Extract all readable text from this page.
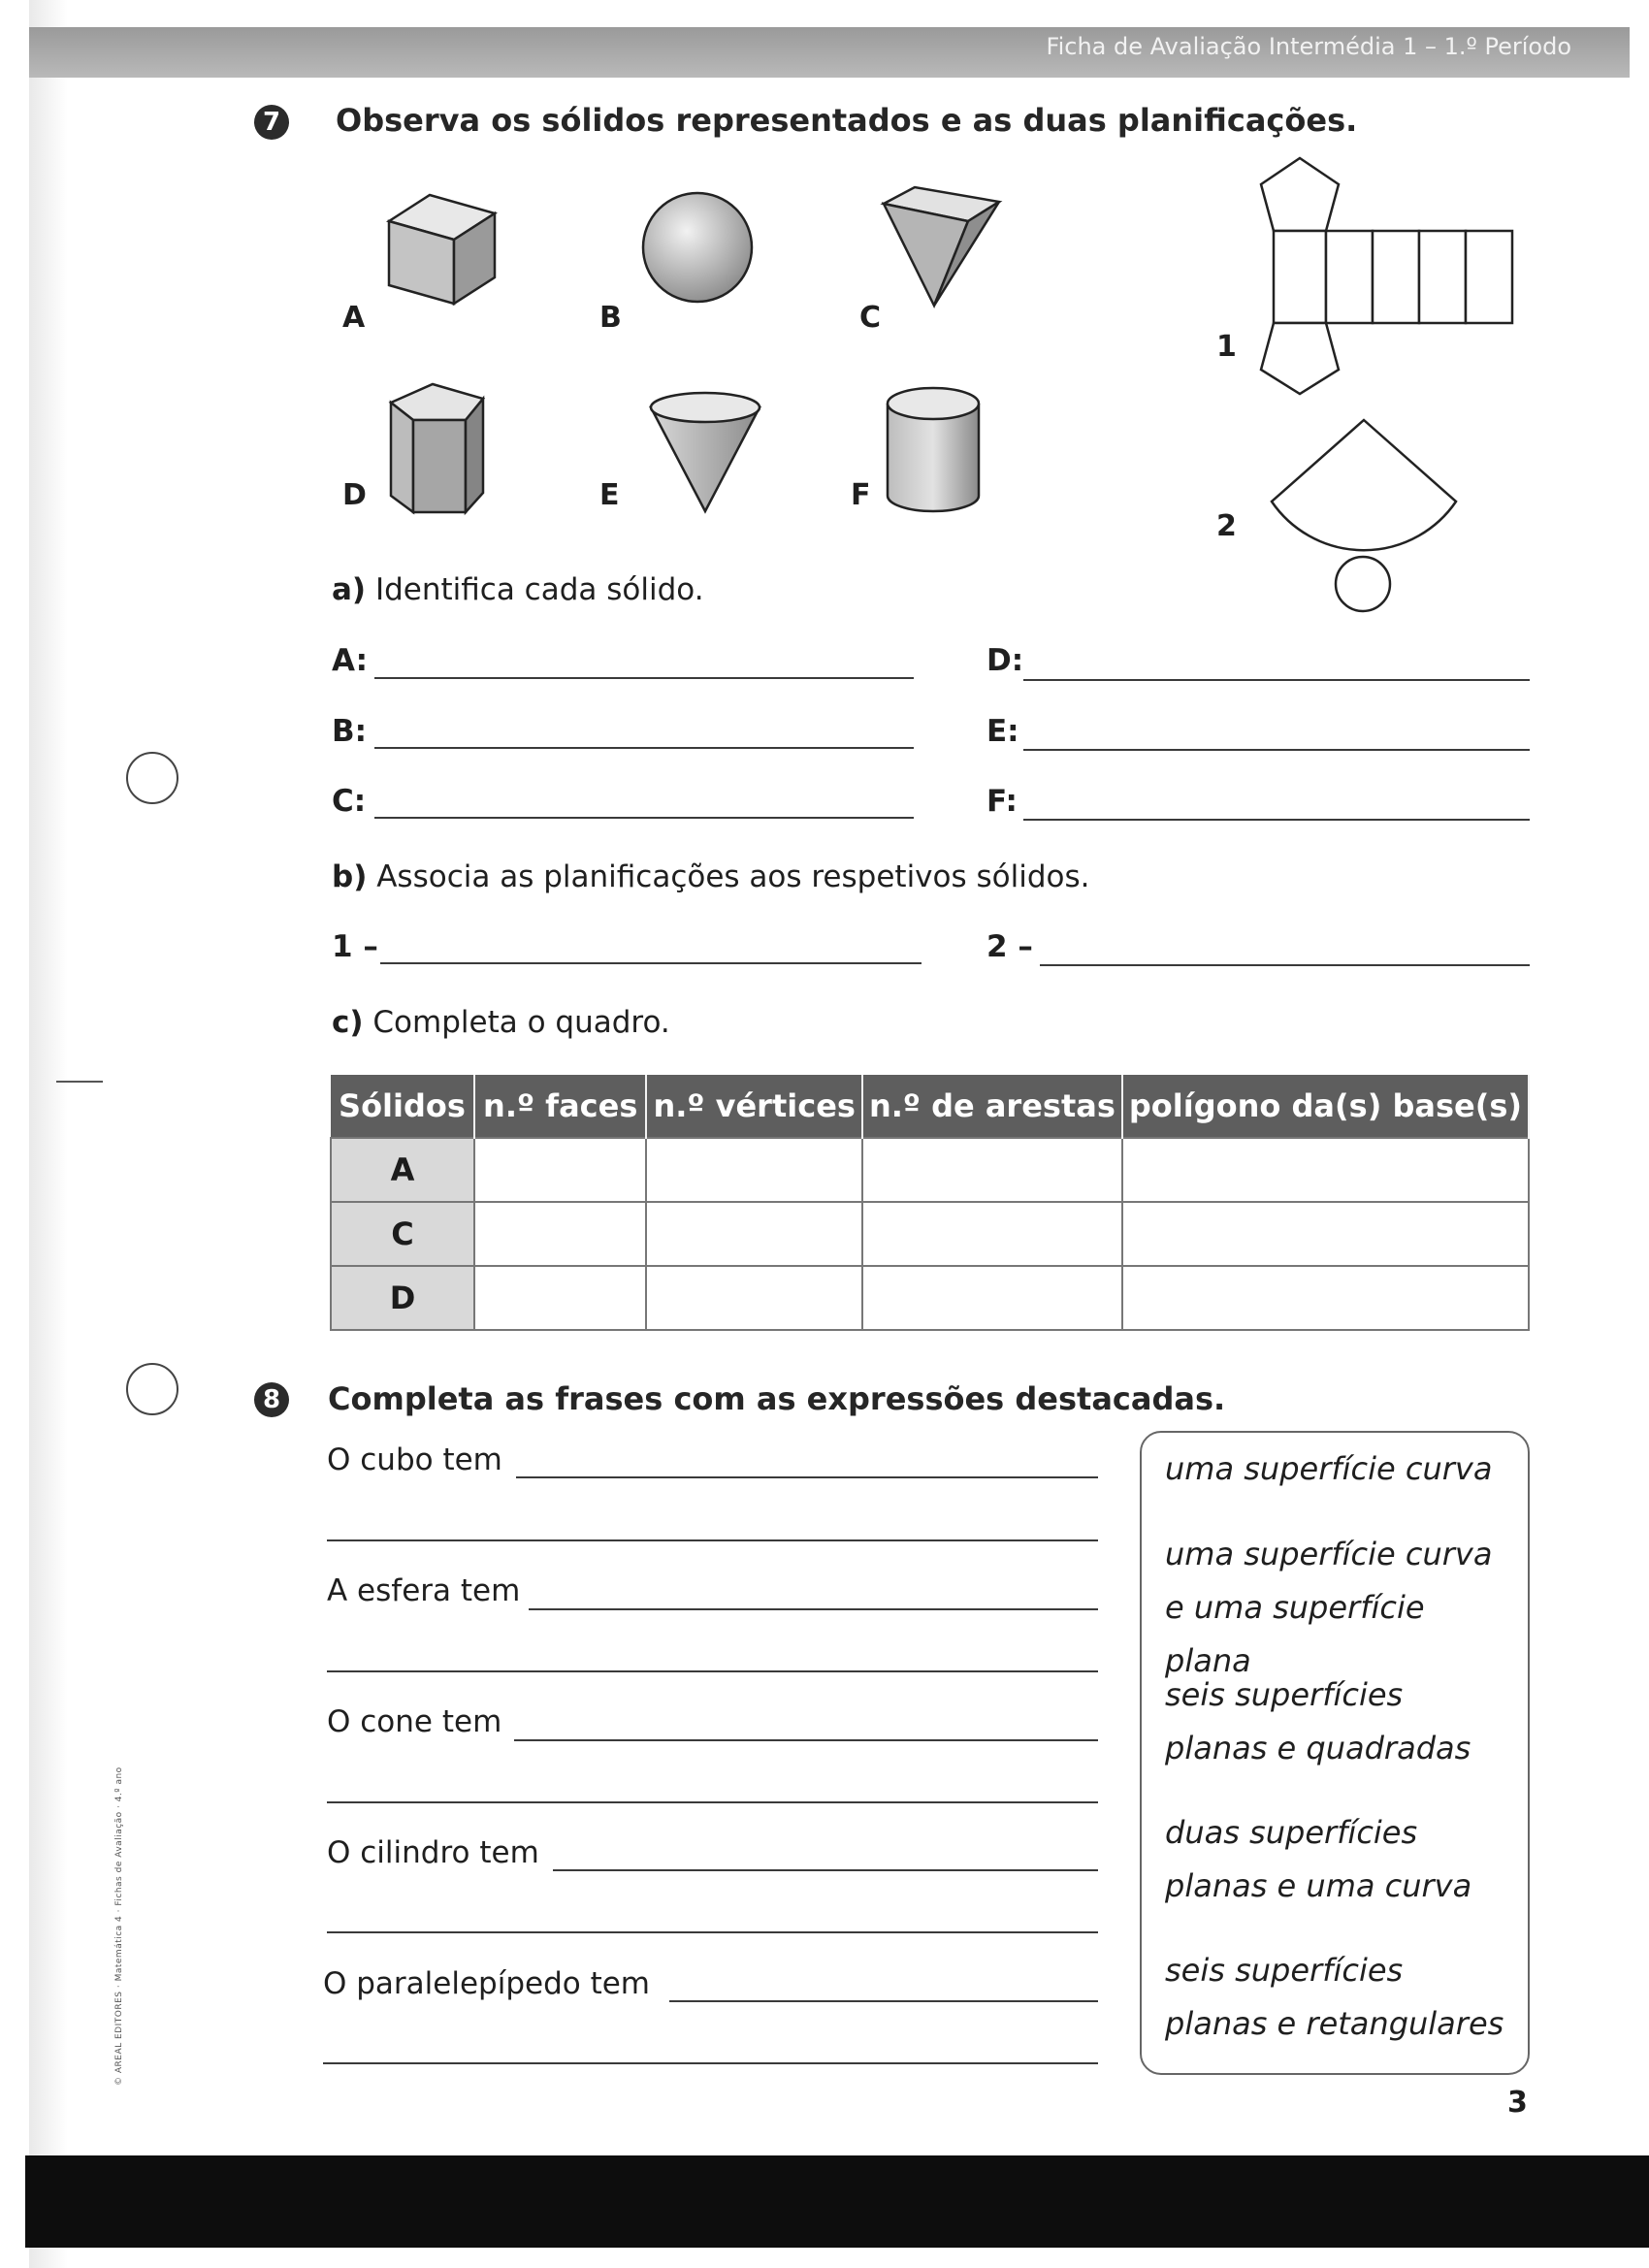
Ficha de Avaliação Intermédia 1 – 1.º Período
© AREAL EDITORES · Matemática 4 · Fichas de Avaliação · 4.º ano
7 Observa os sólidos representados e as duas planificações.
A	B	C
D	E	F
1
2
a) Identifica cada sólido.
A:
B:
C:
D:
E:
F:
b) Associa as planificações aos respetivos sólidos.
1 –	2 –
c) Completa o quadro.
Sólidos	n.º faces	n.º vértices	n.º de arestas	polígono da(s) base(s)
A				
C				
D				
8 Completa as frases com as expressões destacadas.
O cubo tem
A esfera tem
O cone tem
O cilindro tem
O paralelepípedo tem
uma superfície curva
uma superfície curva e uma superfície plana
seis superfícies planas e quadradas
duas superfícies planas e uma curva
seis superfícies planas e retangulares
3
